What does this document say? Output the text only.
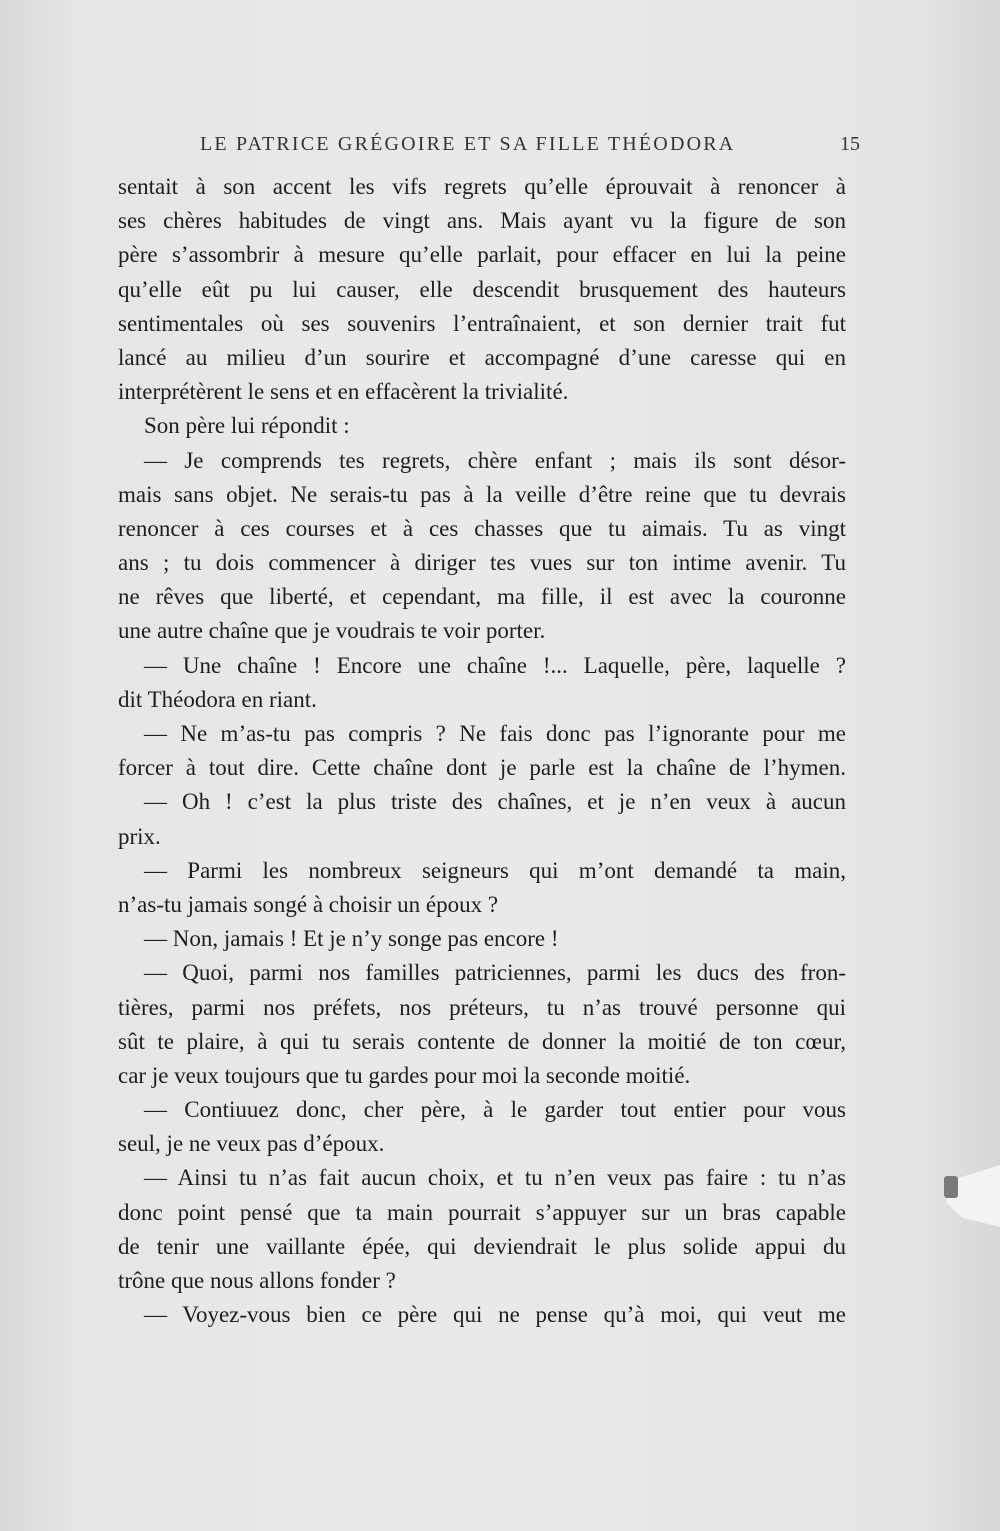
LE PATRICE GRÉGOIRE ET SA FILLE THÉODORA	15
sentait à son accent les vifs regrets qu’elle éprouvait à renoncer à
ses chères habitudes de vingt ans. Mais ayant vu la figure de son
père s’assombrir à mesure qu’elle parlait, pour effacer en lui la peine
qu’elle eût pu lui causer, elle descendit brusquement des hauteurs
sentimentales où ses souvenirs l’entraînaient, et son dernier trait fut
lancé au milieu d’un sourire et accompagné d’une caresse qui en
interprétèrent le sens et en effacèrent la trivialité.
Son père lui répondit :
— Je comprends tes regrets, chère enfant ; mais ils sont désor-
mais sans objet. Ne serais-tu pas à la veille d’être reine que tu devrais
renoncer à ces courses et à ces chasses que tu aimais. Tu as vingt
ans ; tu dois commencer à diriger tes vues sur ton intime avenir. Tu
ne rêves que liberté, et cependant, ma fille, il est avec la couronne
une autre chaîne que je voudrais te voir porter.
— Une chaîne ! Encore une chaîne !... Laquelle, père, laquelle ?
dit Théodora en riant.
— Ne m’as-tu pas compris ? Ne fais donc pas l’ignorante pour me
forcer à tout dire. Cette chaîne dont je parle est la chaîne de l’hymen.
— Oh ! c’est la plus triste des chaînes, et je n’en veux à aucun
prix.
— Parmi les nombreux seigneurs qui m’ont demandé ta main,
n’as-tu jamais songé à choisir un époux ?
— Non, jamais ! Et je n’y songe pas encore !
— Quoi, parmi nos familles patriciennes, parmi les ducs des fron-
tières, parmi nos préfets, nos préteurs, tu n’as trouvé personne qui
sût te plaire, à qui tu serais contente de donner la moitié de ton cœur,
car je veux toujours que tu gardes pour moi la seconde moitié.
— Contiuuez donc, cher père, à le garder tout entier pour vous
seul, je ne veux pas d’époux.
— Ainsi tu n’as fait aucun choix, et tu n’en veux pas faire : tu n’as
donc point pensé que ta main pourrait s’appuyer sur un bras capable
de tenir une vaillante épée, qui deviendrait le plus solide appui du
trône que nous allons fonder ?
— Voyez-vous bien ce père qui ne pense qu’à moi, qui veut me
